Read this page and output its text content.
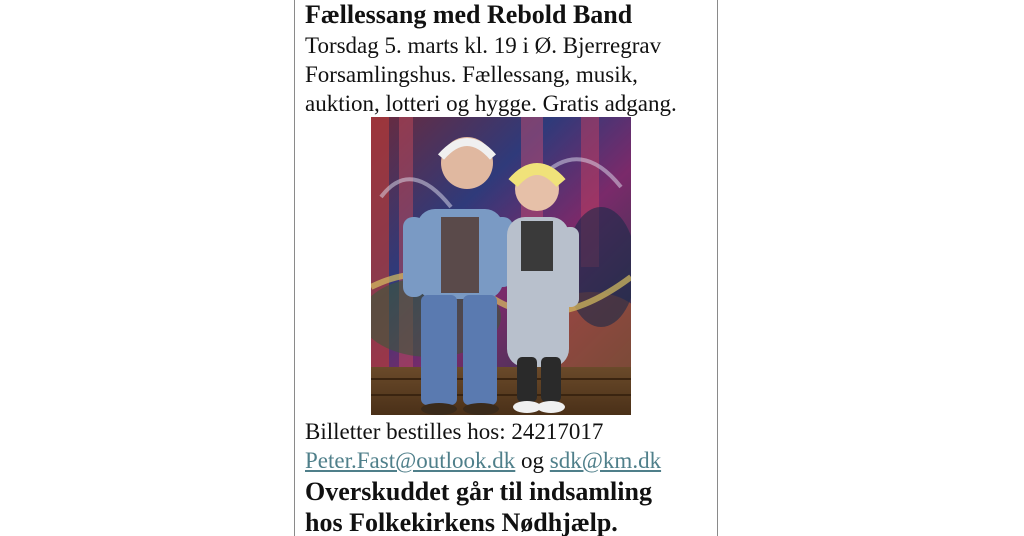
Fællessang med Rebold Band

Torsdag 5. marts kl. 19 i Ø. Bjerregrav

Forsamlingshus. Fællessang, musik,

auktion, lotteri og hygge. Gratis adgang.

Billetter bestilles hos: 24217017

Peter.Fast@outlook.dk og sdk@km.dk

Overskuddet går til indsamling
hos Folkekirkens Nødhjælp.
